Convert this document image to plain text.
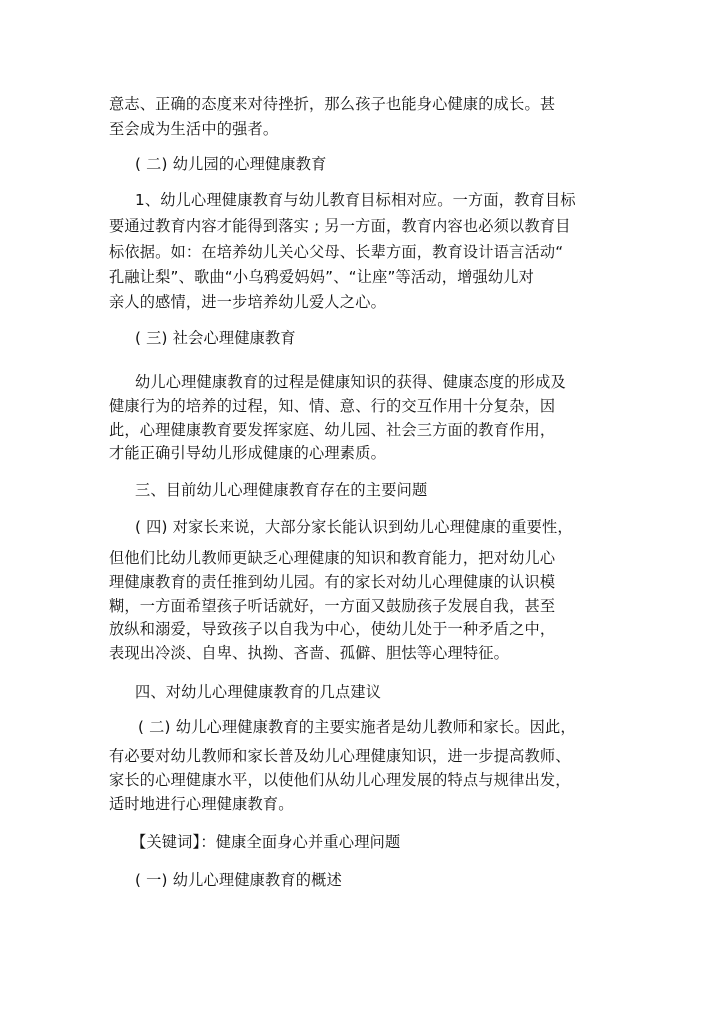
意志、正确的态度来对待挫折，那么孩子也能身心健康的成长。甚
至会成为生活中的强者。
( 二) 幼儿园的心理健康教育
1、幼儿心理健康教育与幼儿教育目标相对应。一方面，教育目标
要通过教育内容才能得到落实 ; 另一方面，教育内容也必须以教育目
标依据。如：在培养幼儿关心父母、长辈方面，教育设计语言活动“
孔融让梨”、歌曲“小乌鸦爱妈妈”、“让座”等活动，增强幼儿对
亲人的感情，进一步培养幼儿爱人之心。
( 三) 社会心理健康教育
幼儿心理健康教育的过程是健康知识的获得、健康态度的形成及
健康行为的培养的过程，知、情、意、行的交互作用十分复杂，因
此，心理健康教育要发挥家庭、幼儿园、社会三方面的教育作用，
才能正确引导幼儿形成健康的心理素质。
三、目前幼儿心理健康教育存在的主要问题
( 四) 对家长来说，大部分家长能认识到幼儿心理健康的重要性，
但他们比幼儿教师更缺乏心理健康的知识和教育能力，把对幼儿心
理健康教育的责任推到幼儿园。有的家长对幼儿心理健康的认识模
糊，一方面希望孩子听话就好，一方面又鼓励孩子发展自我，甚至
放纵和溺爱，导致孩子以自我为中心，使幼儿处于一种矛盾之中，
表现出冷淡、自卑、执拗、吝啬、孤僻、胆怯等心理特征。
四、对幼儿心理健康教育的几点建议
( 二) 幼儿心理健康教育的主要实施者是幼儿教师和家长。因此，
有必要对幼儿教师和家长普及幼儿心理健康知识，进一步提高教师、
家长的心理健康水平，以使他们从幼儿心理发展的特点与规律出发，
适时地进行心理健康教育。
【关键词】：健康全面身心并重心理问题
( 一) 幼儿心理健康教育的概述
